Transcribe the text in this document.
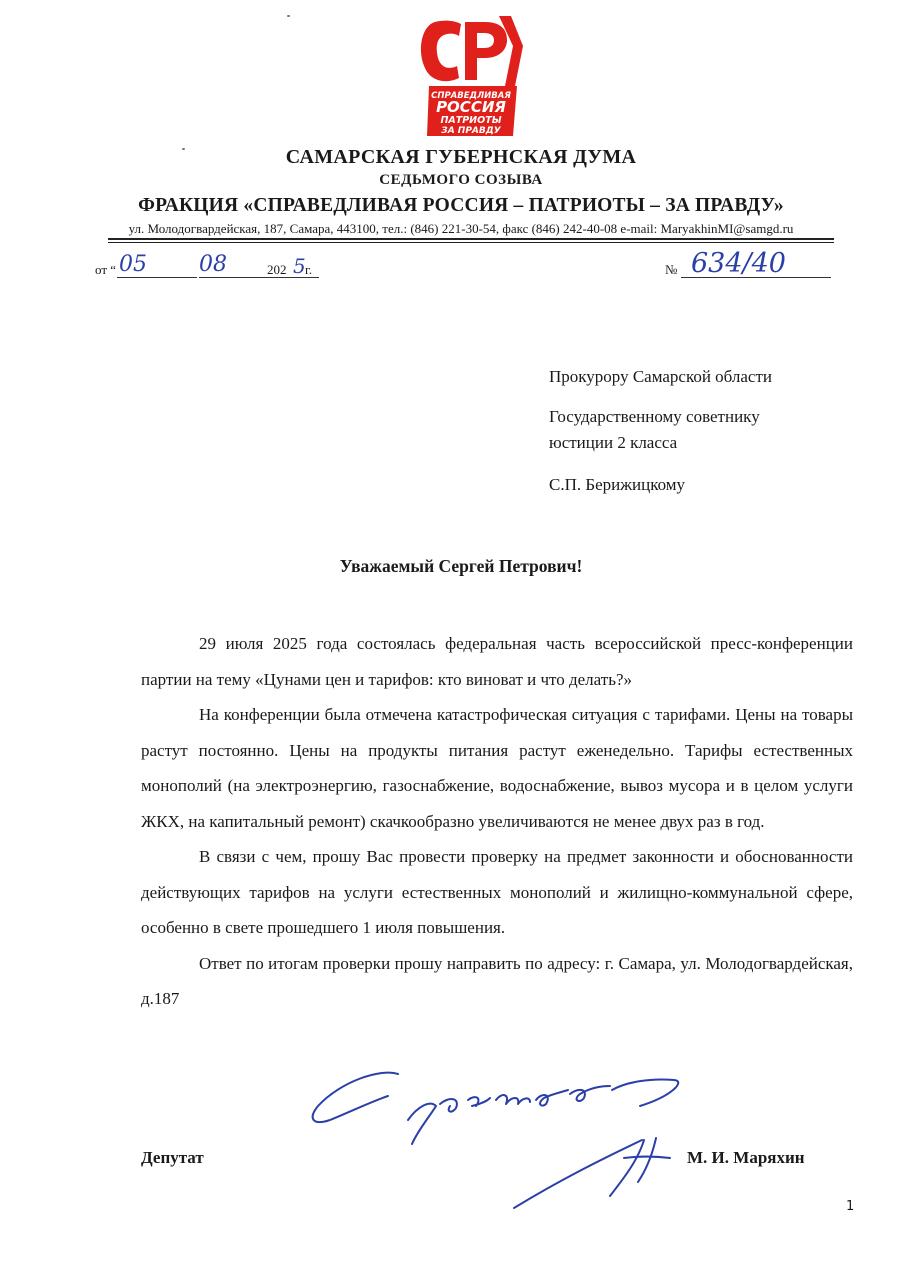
СПРАВЕДЛИВАЯ
РОССИЯ
ПАТРИОТЫ
ЗА ПРАВДУ
САМАРСКАЯ ГУБЕРНСКАЯ ДУМА
СЕДЬМОГО СОЗЫВА
ФРАКЦИЯ «СПРАВЕДЛИВАЯ РОССИЯ – ПАТРИОТЫ – ЗА ПРАВДУ»
ул. Молодогвардейская, 187, Самара, 443100, тел.: (846) 221-30-54, факс (846) 242-40-08 e-mail: MaryakhinMI@samgd.ru
от “ 05 08	202 5 г.	№ 634/40
Прокурору Самарской области
Государственному советнику
юстиции 2 класса
С.П. Берижицкому
Уважаемый Сергей Петрович!

29 июля 2025 года состоялась федеральная часть всероссийской пресс-конференции партии на тему «Цунами цен и тарифов: кто виноват и что делать?»

На конференции была отмечена катастрофическая ситуация с тарифами. Цены на товары растут постоянно. Цены на продукты питания растут еженедельно. Тарифы естественных монополий (на электроэнергию, газоснабжение, водоснабжение, вывоз мусора и в целом услуги ЖКХ, на капитальный ремонт) скачкообразно увеличиваются не менее двух раз в год.

В связи с чем, прошу Вас провести проверку на предмет законности и обоснованности действующих тарифов на услуги естественных монополий и жилищно-коммунальной сфере, особенно в свете прошедшего 1 июля повышения.

Ответ по итогам проверки прошу направить по адресу: г. Самара, ул. Молодогвардейская, д.187

Депутат	М. И. Маряхин
1
